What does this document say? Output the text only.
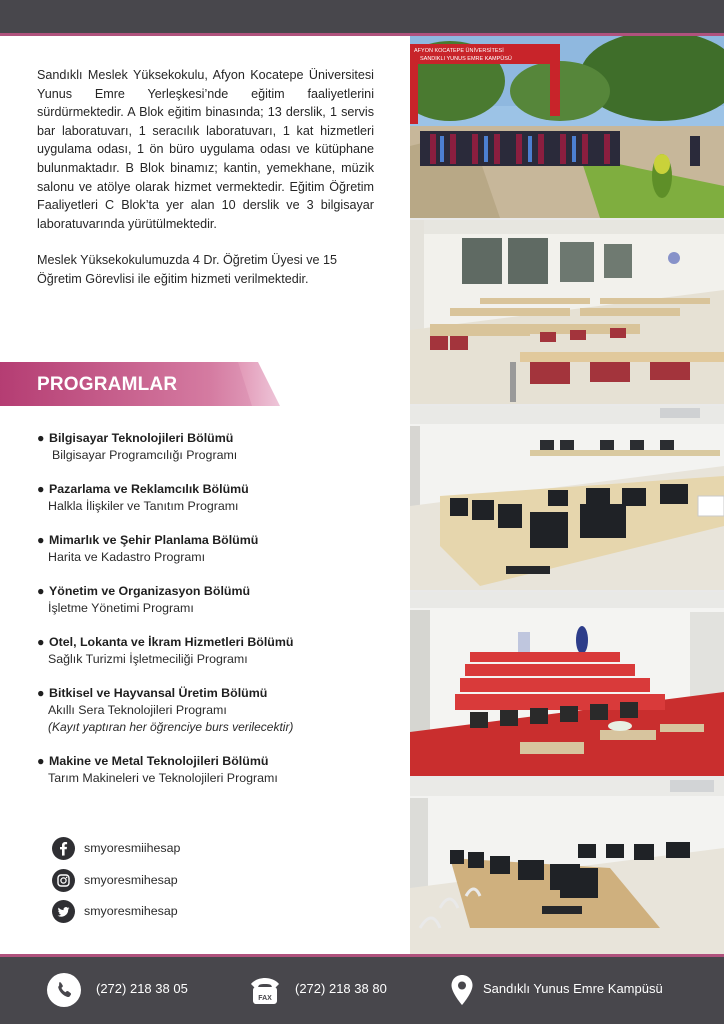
Sandıklı Meslek Yüksekokulu, Afyon Kocatepe Üniversitesi Yunus Emre Yerleşkesi’nde eğitim faaliyetlerini sürdürmektedir. A Blok eğitim binasında; 13 derslik, 1 servis bar laboratuvarı, 1 seracılık laboratuvarı, 1 kat hizmetleri uygulama odası, 1 ön büro uygulama odası ve kütüphane bulunmaktadır. B Blok binamız; kantin, yemekhane, müzik salonu ve atölye olarak hizmet vermektedir. Eğitim Öğretim Faaliyetleri C Blok’ta yer alan 10 derslik ve 3 bilgisayar laboratuvarında yürütülmektedir.

Meslek Yüksekokulumuzda 4 Dr. Öğretim Üyesi ve 15 Öğretim Görevlisi ile eğitim hizmeti verilmektedir.

PROGRAMLAR
● Bilgisayar Teknolojileri Bölümü
Bilgisayar Programcılığı Programı
● Pazarlama ve Reklamcılık Bölümü
Halkla İlişkiler ve Tanıtım Programı
● Mimarlık ve Şehir Planlama Bölümü
Harita ve Kadastro Programı
● Yönetim ve Organizasyon Bölümü
İşletme Yönetimi Programı
● Otel, Lokanta ve İkram Hizmetleri Bölümü
Sağlık Turizmi İşletmeciliği Programı
● Bitkisel ve Hayvansal Üretim Bölümü
Akıllı Sera Teknolojileri Programı
(Kayıt yaptıran her öğrenciye burs verilecektir)
● Makine ve Metal Teknolojileri Bölümü
Tarım Makineleri ve Teknolojileri Programı
smyoresmiihesap
smyoresmihesap
smyoresmihesap
AFYON KOCATEPE ÜNİVERSİTESİ
SANDIKLI YUNUS EMRE KAMPÜSÜ
(272) 218 38 05
FAX
(272) 218 38 80	Sandıklı Yunus Emre Kampüsü
